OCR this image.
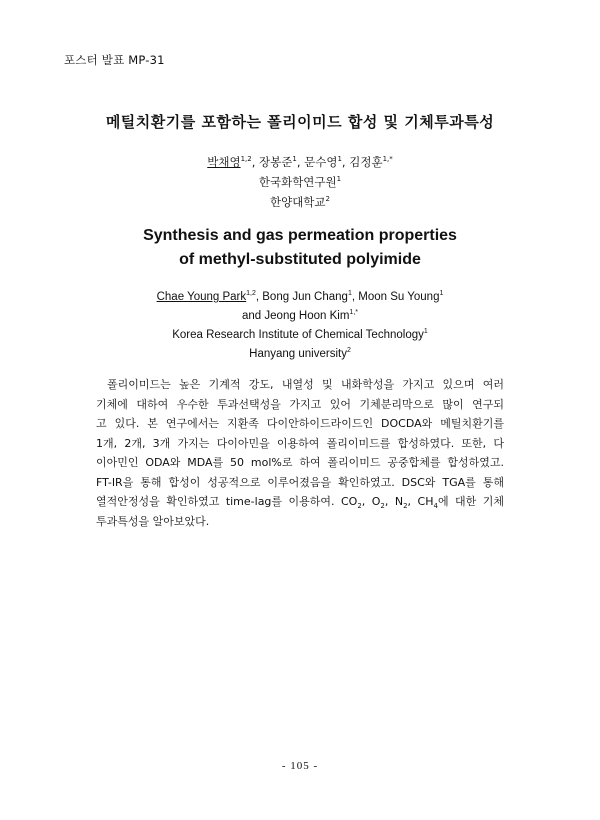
포스터 발표 MP-31
메틸치환기를 포함하는 폴리이미드 합성 및 기체투과특성
박채영$^{1,2}$, 장봉준$^1$, 문수영$^1$, 김정훈$^{1,*}$
한국화학연구원$^1$
한양대학교$^2$
Synthesis and gas permeation properties
of methyl-substituted polyimide
Chae Young Park$^{1,2}$, Bong Jun Chang$^1$, Moon Su Young$^1$
and Jeong Hoon Kim$^{1,*}$
Korea Research Institute of Chemical Technology$^1$
Hanyang university$^2$
폴리이미드는 높은 기계적 강도, 내열성 및 내화학성을 가지고 있으며 여러
기체에 대하여 우수한 투과선택성을 가지고 있어 기체분리막으로 많이 연구되
고 있다. 본 연구에서는 지환족 다이안하이드라이드인 DOCDA와 메틸치환기를
1개, 2개, 3개 가지는 다이아민을 이용하여 폴리이미드를 합성하였다. 또한, 다
이아민인 ODA와 MDA를 50 mol%로 하여 폴리이미드 공중합체를 합성하였고.
FT-IR을 통해 합성이 성공적으로 이루어졌음을 확인하였고. DSC와 TGA를 통해
열적안정성을 확인하였고 time-lag를 이용하여. $CO_2$, $O_2$, $N_2$, $CH_4$에 대한 기체
투과특성을 알아보았다.
- 105 -
